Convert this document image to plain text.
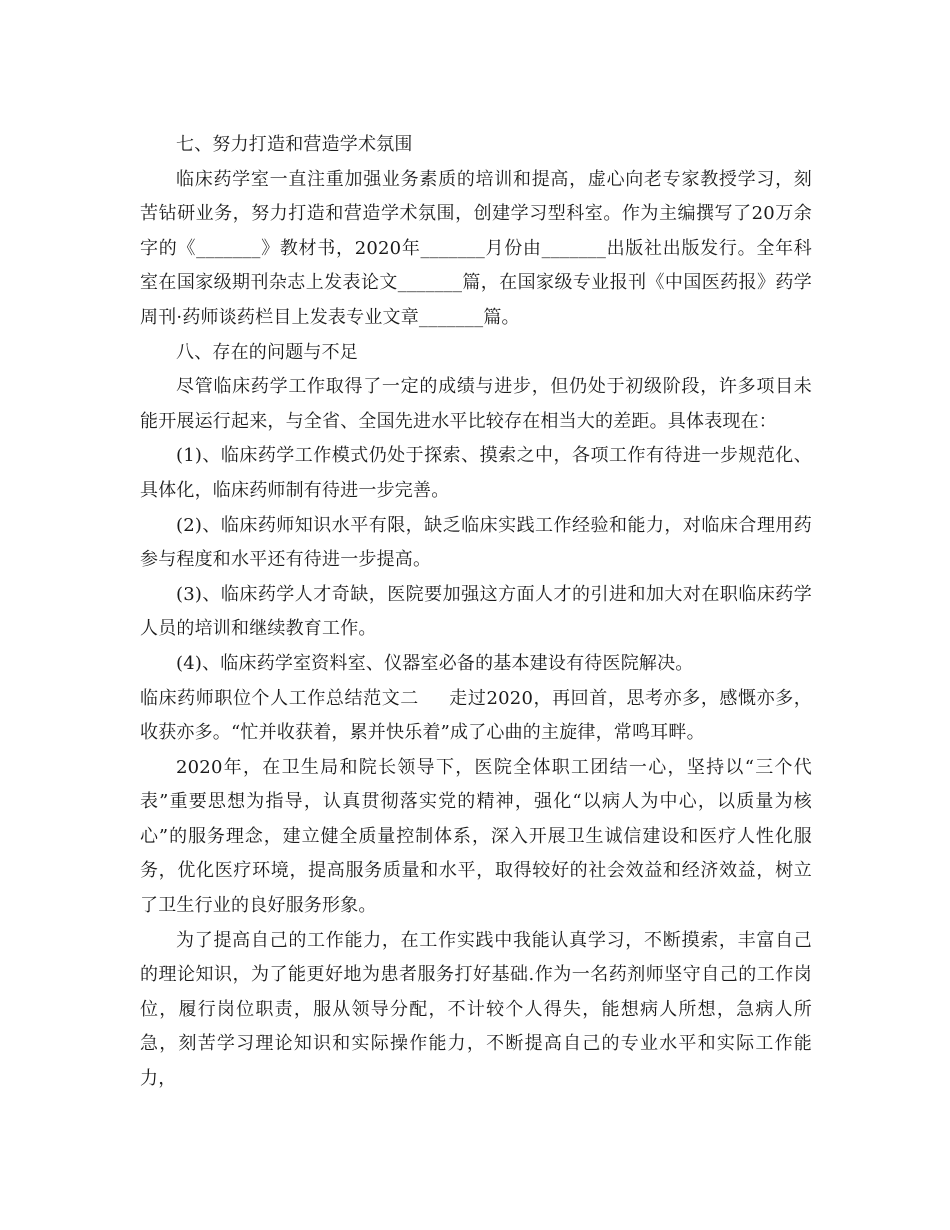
七、努力打造和营造学术氛围

临床药学室一直注重加强业务素质的培训和提高，虚心向老专家教授学习，刻苦钻研业务，努力打造和营造学术氛围，创建学习型科室。作为主编撰写了20万余字的《_______》教材书，2020年_______月份由_______出版社出版发行。全年科室在国家级期刊杂志上发表论文_______篇，在国家级专业报刊《中国医药报》药学周刊·药师谈药栏目上发表专业文章_______篇。

八、存在的问题与不足

尽管临床药学工作取得了一定的成绩与进步，但仍处于初级阶段，许多项目未能开展运行起来，与全省、全国先进水平比较存在相当大的差距。具体表现在：

(1)、临床药学工作模式仍处于探索、摸索之中，各项工作有待进一步规范化、具体化，临床药师制有待进一步完善。

(2)、临床药师知识水平有限，缺乏临床实践工作经验和能力，对临床合理用药参与程度和水平还有待进一步提高。

(3)、临床药学人才奇缺，医院要加强这方面人才的引进和加大对在职临床药学人员的培训和继续教育工作。

(4)、临床药学室资料室、仪器室必备的基本建设有待医院解决。

临床药师职位个人工作总结范文二 走过2020，再回首，思考亦多，感慨亦多，收获亦多。“忙并收获着，累并快乐着”成了心曲的主旋律，常鸣耳畔。

2020年，在卫生局和院长领导下，医院全体职工团结一心，坚持以“三个代表”重要思想为指导，认真贯彻落实党的精神，强化“以病人为中心，以质量为核心”的服务理念，建立健全质量控制体系，深入开展卫生诚信建设和医疗人性化服务，优化医疗环境，提高服务质量和水平，取得较好的社会效益和经济效益，树立了卫生行业的良好服务形象。

为了提高自己的工作能力，在工作实践中我能认真学习，不断摸索，丰富自己的理论知识，为了能更好地为患者服务打好基础.作为一名药剂师坚守自己的工作岗位，履行岗位职责，服从领导分配，不计较个人得失，能想病人所想，急病人所急，刻苦学习理论知识和实际操作能力，不断提高自己的专业水平和实际工作能力，
